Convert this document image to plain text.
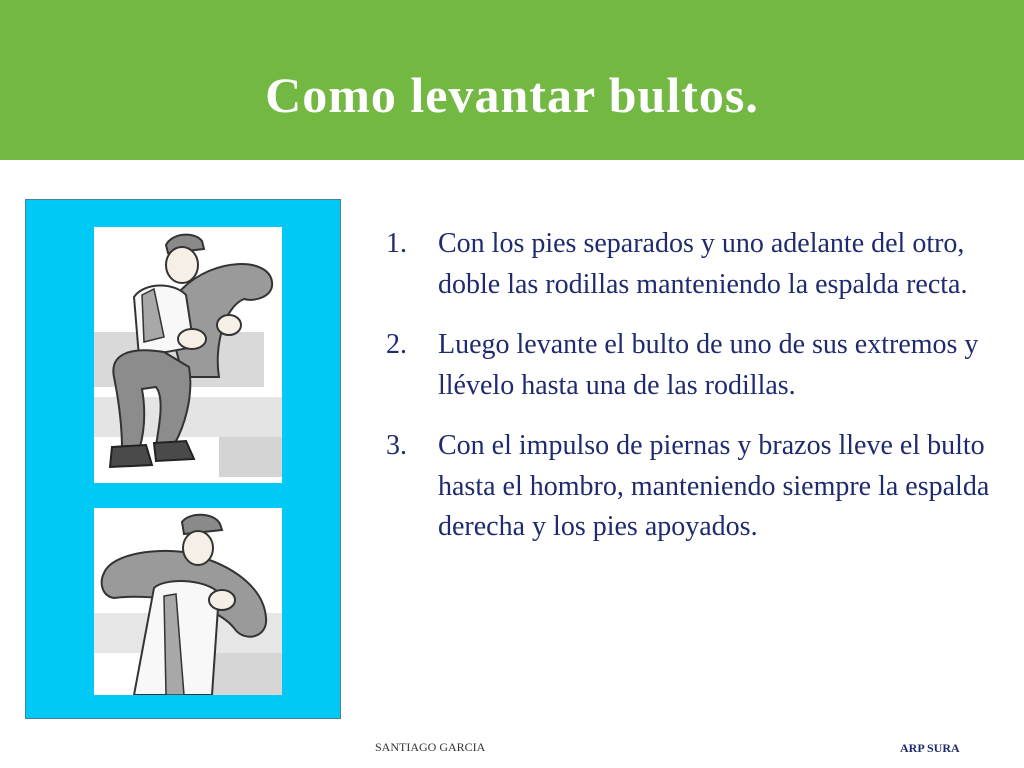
Como levantar bultos.
1. Con los pies separados y uno adelante del otro, doble las rodillas manteniendo la espalda recta.
2. Luego levante el bulto de uno de sus extremos y llévelo hasta una de las rodillas.
3. Con el impulso de piernas y brazos lleve el bulto hasta el hombro, manteniendo siempre la espalda derecha y los pies apoyados.
SANTIAGO GARCIA	ARP SURA
